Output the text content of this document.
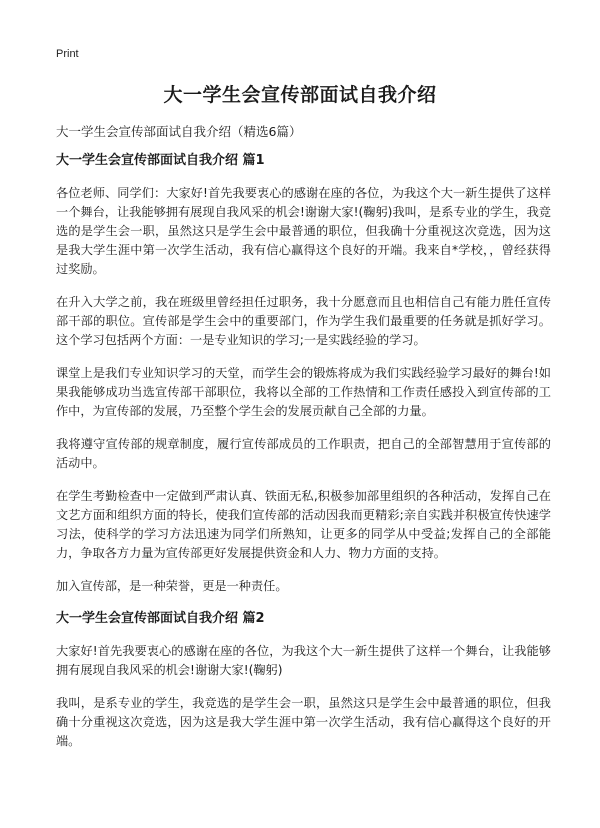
Print
大一学生会宣传部面试自我介绍
大一学生会宣传部面试自我介绍（精选6篇）
大一学生会宣传部面试自我介绍 篇1

各位老师、同学们：大家好!首先我要衷心的感谢在座的各位，为我这个大一新生提供了这样一个舞台，让我能够拥有展现自我风采的机会!谢谢大家!(鞠躬)我叫，是系专业的学生，我竞选的是学生会一职，虽然这只是学生会中最普通的职位，但我确十分重视这次竞选，因为这是我大学生涯中第一次学生活动，我有信心赢得这个良好的开端。我来自*学校，，曾经获得过奖励。

在升入大学之前，我在班级里曾经担任过职务，我十分愿意而且也相信自己有能力胜任宣传部干部的职位。宣传部是学生会中的重要部门，作为学生我们最重要的任务就是抓好学习。这个学习包括两个方面：一是专业知识的学习;一是实践经验的学习。

课堂上是我们专业知识学习的天堂，而学生会的锻炼将成为我们实践经验学习最好的舞台!如果我能够成功当选宣传部干部职位，我将以全部的工作热情和工作责任感投入到宣传部的工作中，为宣传部的发展，乃至整个学生会的发展贡献自己全部的力量。

我将遵守宣传部的规章制度，履行宣传部成员的工作职责，把自己的全部智慧用于宣传部的活动中。

在学生考勤检查中一定做到严肃认真、铁面无私,积极参加部里组织的各种活动，发挥自己在文艺方面和组织方面的特长，使我们宣传部的活动因我而更精彩;亲自实践并积极宣传快速学习法，使科学的学习方法迅速为同学们所熟知，让更多的同学从中受益;发挥自己的全部能力，争取各方力量为宣传部更好发展提供资金和人力、物力方面的支持。

加入宣传部，是一种荣誉，更是一种责任。

大一学生会宣传部面试自我介绍 篇2

大家好!首先我要衷心的感谢在座的各位，为我这个大一新生提供了这样一个舞台，让我能够拥有展现自我风采的机会!谢谢大家!(鞠躬)

我叫，是系专业的学生，我竞选的是学生会一职，虽然这只是学生会中最普通的职位，但我确十分重视这次竞选，因为这是我大学生涯中第一次学生活动，我有信心赢得这个良好的开端。
